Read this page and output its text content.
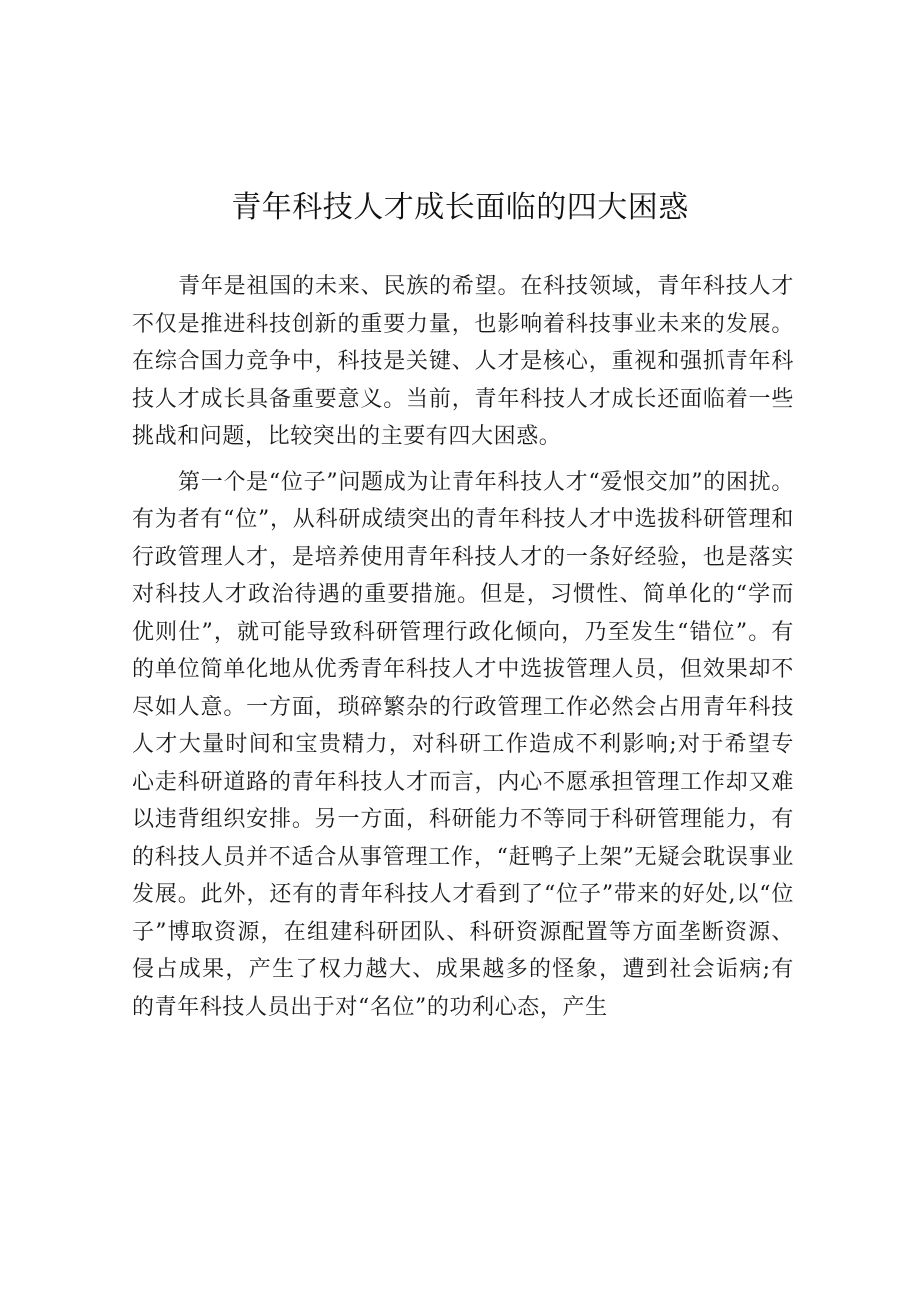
青年科技人才成长面临的四大困惑

青年是祖国的未来、民族的希望。在科技领域，青年科技人才不仅是推进科技创新的重要力量，也影响着科技事业未来的发展。在综合国力竞争中，科技是关键、人才是核心，重视和强抓青年科技人才成长具备重要意义。当前，青年科技人才成长还面临着一些挑战和问题，比较突出的主要有四大困惑。

第一个是“位子”问题成为让青年科技人才“爱恨交加”的困扰。有为者有“位”，从科研成绩突出的青年科技人才中选拔科研管理和行政管理人才，是培养使用青年科技人才的一条好经验，也是落实对科技人才政治待遇的重要措施。但是，习惯性、简单化的“学而优则仕”，就可能导致科研管理行政化倾向，乃至发生“错位”。有的单位简单化地从优秀青年科技人才中选拔管理人员，但效果却不尽如人意。一方面，琐碎繁杂的行政管理工作必然会占用青年科技人才大量时间和宝贵精力，对科研工作造成不利影响;对于希望专心走科研道路的青年科技人才而言，内心不愿承担管理工作却又难以违背组织安排。另一方面，科研能力不等同于科研管理能力，有的科技人员并不适合从事管理工作，“赶鸭子上架”无疑会耽误事业发展。此外，还有的青年科技人才看到了“位子”带来的好处,以“位子”博取资源，在组建科研团队、科研资源配置等方面垄断资源、侵占成果，产生了权力越大、成果越多的怪象，遭到社会诟病;有的青年科技人员出于对“名位”的功利心态，产生
